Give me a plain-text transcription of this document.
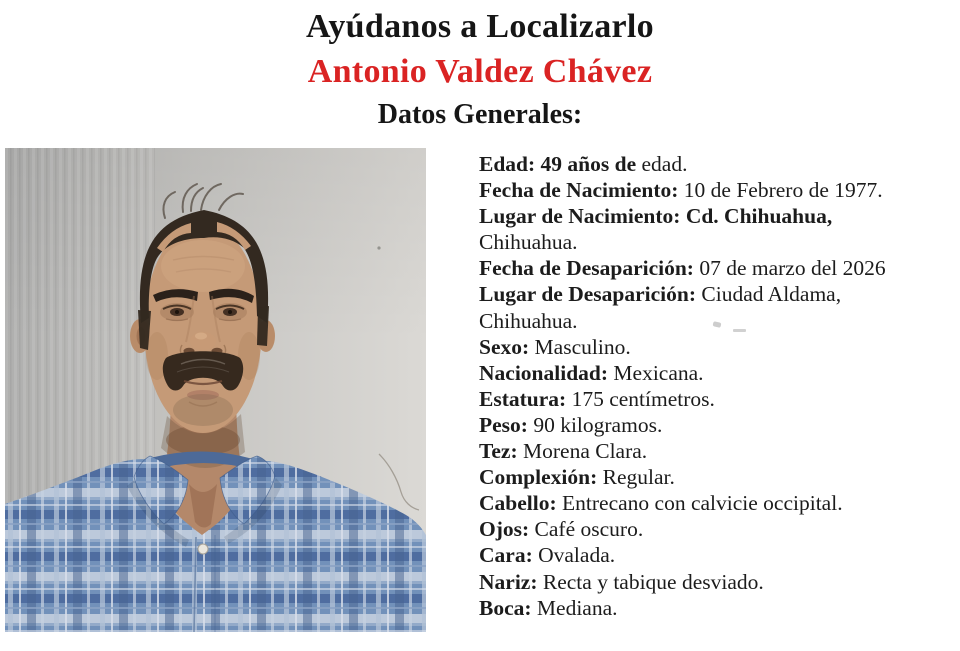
Ayúdanos a Localizarlo
Antonio Valdez Chávez
Datos Generales:
Edad: 49 años de edad.
Fecha de Nacimiento: 10 de Febrero de 1977.
Lugar de Nacimiento: Cd. Chihuahua,
Chihuahua.
Fecha de Desaparición: 07 de marzo del 2026
Lugar de Desaparición: Ciudad Aldama,
Chihuahua.
Sexo: Masculino.
Nacionalidad: Mexicana.
Estatura: 175 centímetros.
Peso: 90 kilogramos.
Tez: Morena Clara.
Complexión: Regular.
Cabello: Entrecano con calvicie occipital.
Ojos: Café oscuro.
Cara: Ovalada.
Nariz: Recta y tabique desviado.
Boca: Mediana.
